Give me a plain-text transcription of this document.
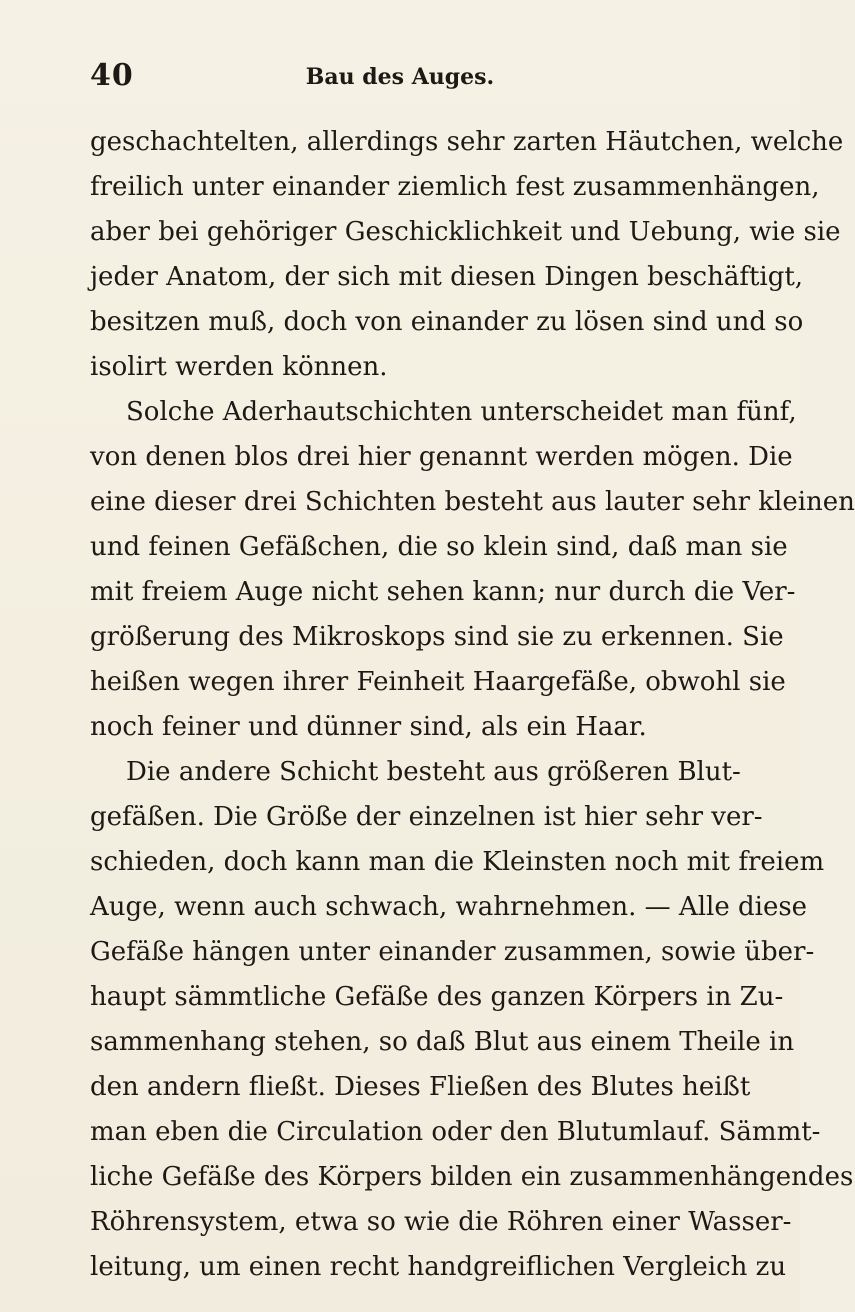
40	Bau des Auges.
geschachtelten, allerdings sehr zarten Häutchen, welche
freilich unter einander ziemlich fest zusammenhängen,
aber bei gehöriger Geschicklichkeit und Uebung, wie sie
jeder Anatom, der sich mit diesen Dingen beschäftigt,
besitzen muß, doch von einander zu lösen sind und so
isolirt werden können.
Solche Aderhautschichten unterscheidet man fünf,
von denen blos drei hier genannt werden mögen. Die
eine dieser drei Schichten besteht aus lauter sehr kleinen
und feinen Gefäßchen, die so klein sind, daß man sie
mit freiem Auge nicht sehen kann; nur durch die Ver-
größerung des Mikroskops sind sie zu erkennen. Sie
heißen wegen ihrer Feinheit Haargefäße, obwohl sie
noch feiner und dünner sind, als ein Haar.
Die andere Schicht besteht aus größeren Blut-
gefäßen. Die Größe der einzelnen ist hier sehr ver-
schieden, doch kann man die Kleinsten noch mit freiem
Auge, wenn auch schwach, wahrnehmen. — Alle diese
Gefäße hängen unter einander zusammen, sowie über-
haupt sämmtliche Gefäße des ganzen Körpers in Zu-
sammenhang stehen, so daß Blut aus einem Theile in
den andern fließt. Dieses Fließen des Blutes heißt
man eben die Circulation oder den Blutumlauf. Sämmt-
liche Gefäße des Körpers bilden ein zusammenhängendes
Röhrensystem, etwa so wie die Röhren einer Wasser-
leitung, um einen recht handgreiflichen Vergleich zu
